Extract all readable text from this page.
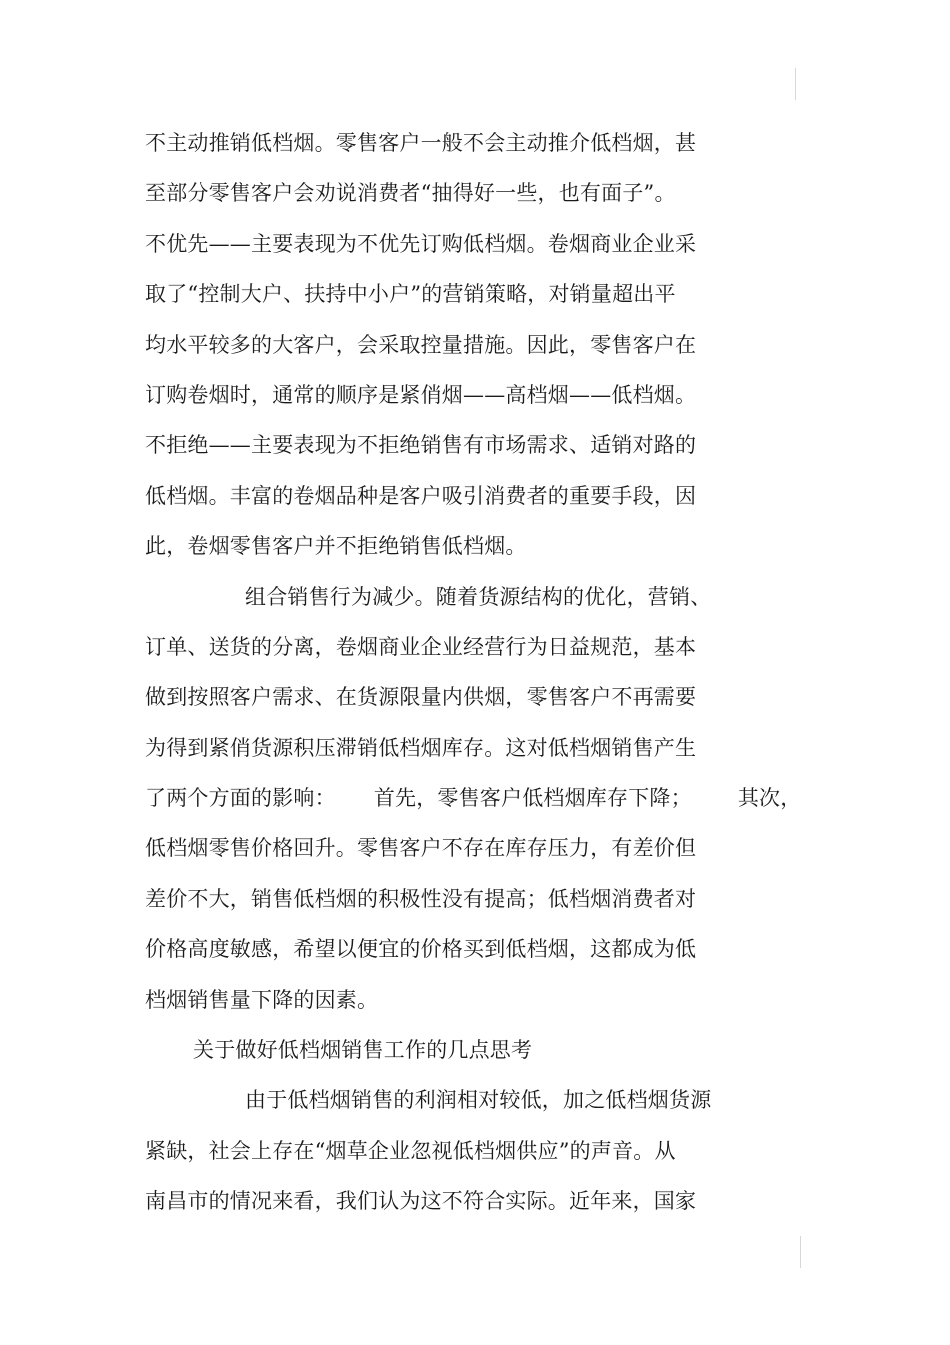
不主动推销低档烟。零售客户一般不会主动推介低档烟，甚
至部分零售客户会劝说消费者“抽得好一些，也有面子”。
不优先——主要表现为不优先订购低档烟。卷烟商业企业采
取了“控制大户、扶持中小户”的营销策略，对销量超出平
均水平较多的大客户，会采取控量措施。因此，零售客户在
订购卷烟时，通常的顺序是紧俏烟——高档烟——低档烟。
不拒绝——主要表现为不拒绝销售有市场需求、适销对路的
低档烟。丰富的卷烟品种是客户吸引消费者的重要手段，因
此，卷烟零售客户并不拒绝销售低档烟。
组合销售行为减少。随着货源结构的优化，营销、
订单、送货的分离，卷烟商业企业经营行为日益规范，基本
做到按照客户需求、在货源限量内供烟，零售客户不再需要
为得到紧俏货源积压滞销低档烟库存。这对低档烟销售产生
了两个方面的影响： 首先，零售客户低档烟库存下降； 其次，
低档烟零售价格回升。零售客户不存在库存压力，有差价但
差价不大，销售低档烟的积极性没有提高；低档烟消费者对
价格高度敏感，希望以便宜的价格买到低档烟，这都成为低
档烟销售量下降的因素。
关于做好低档烟销售工作的几点思考
由于低档烟销售的利润相对较低，加之低档烟货源
紧缺，社会上存在“烟草企业忽视低档烟供应”的声音。从
南昌市的情况来看，我们认为这不符合实际。近年来，国家
